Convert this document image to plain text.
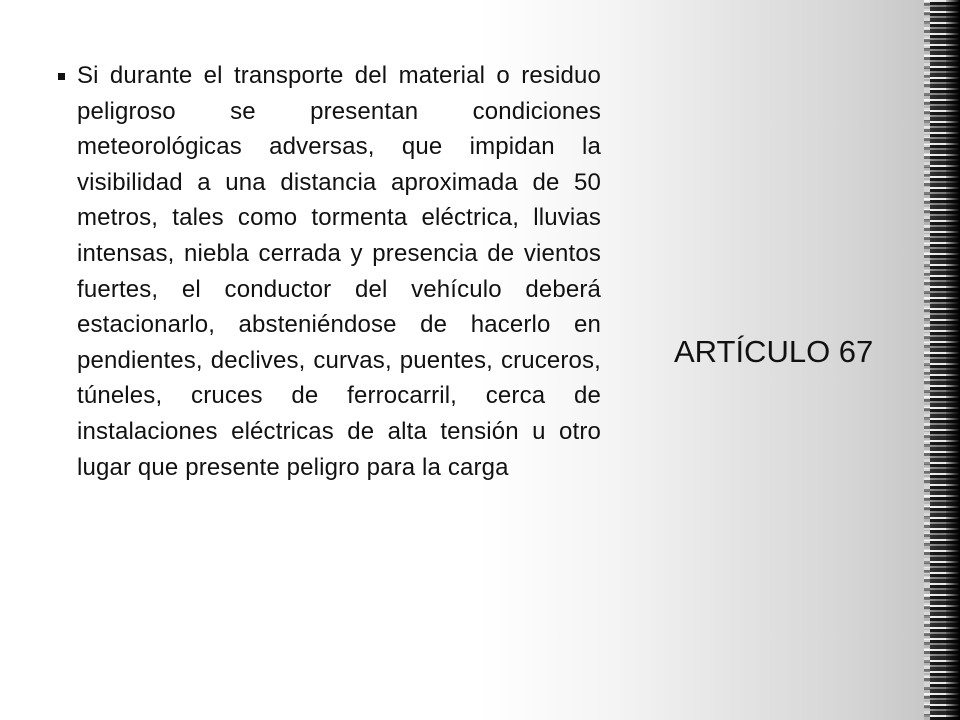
Si durante el transporte del material o residuo peligroso se presentan condiciones meteorológicas adversas, que impidan la visibilidad a una distancia aproximada de 50 metros, tales como tormenta eléctrica, lluvias intensas, niebla cerrada y presencia de vientos fuertes, el conductor del vehículo deberá estacionarlo, absteniéndose de hacerlo en pendientes, declives, curvas, puentes, cruceros, túneles, cruces de ferrocarril, cerca de instalaciones eléctricas de alta tensión u otro lugar que presente peligro para la carga

ARTÍCULO 67
